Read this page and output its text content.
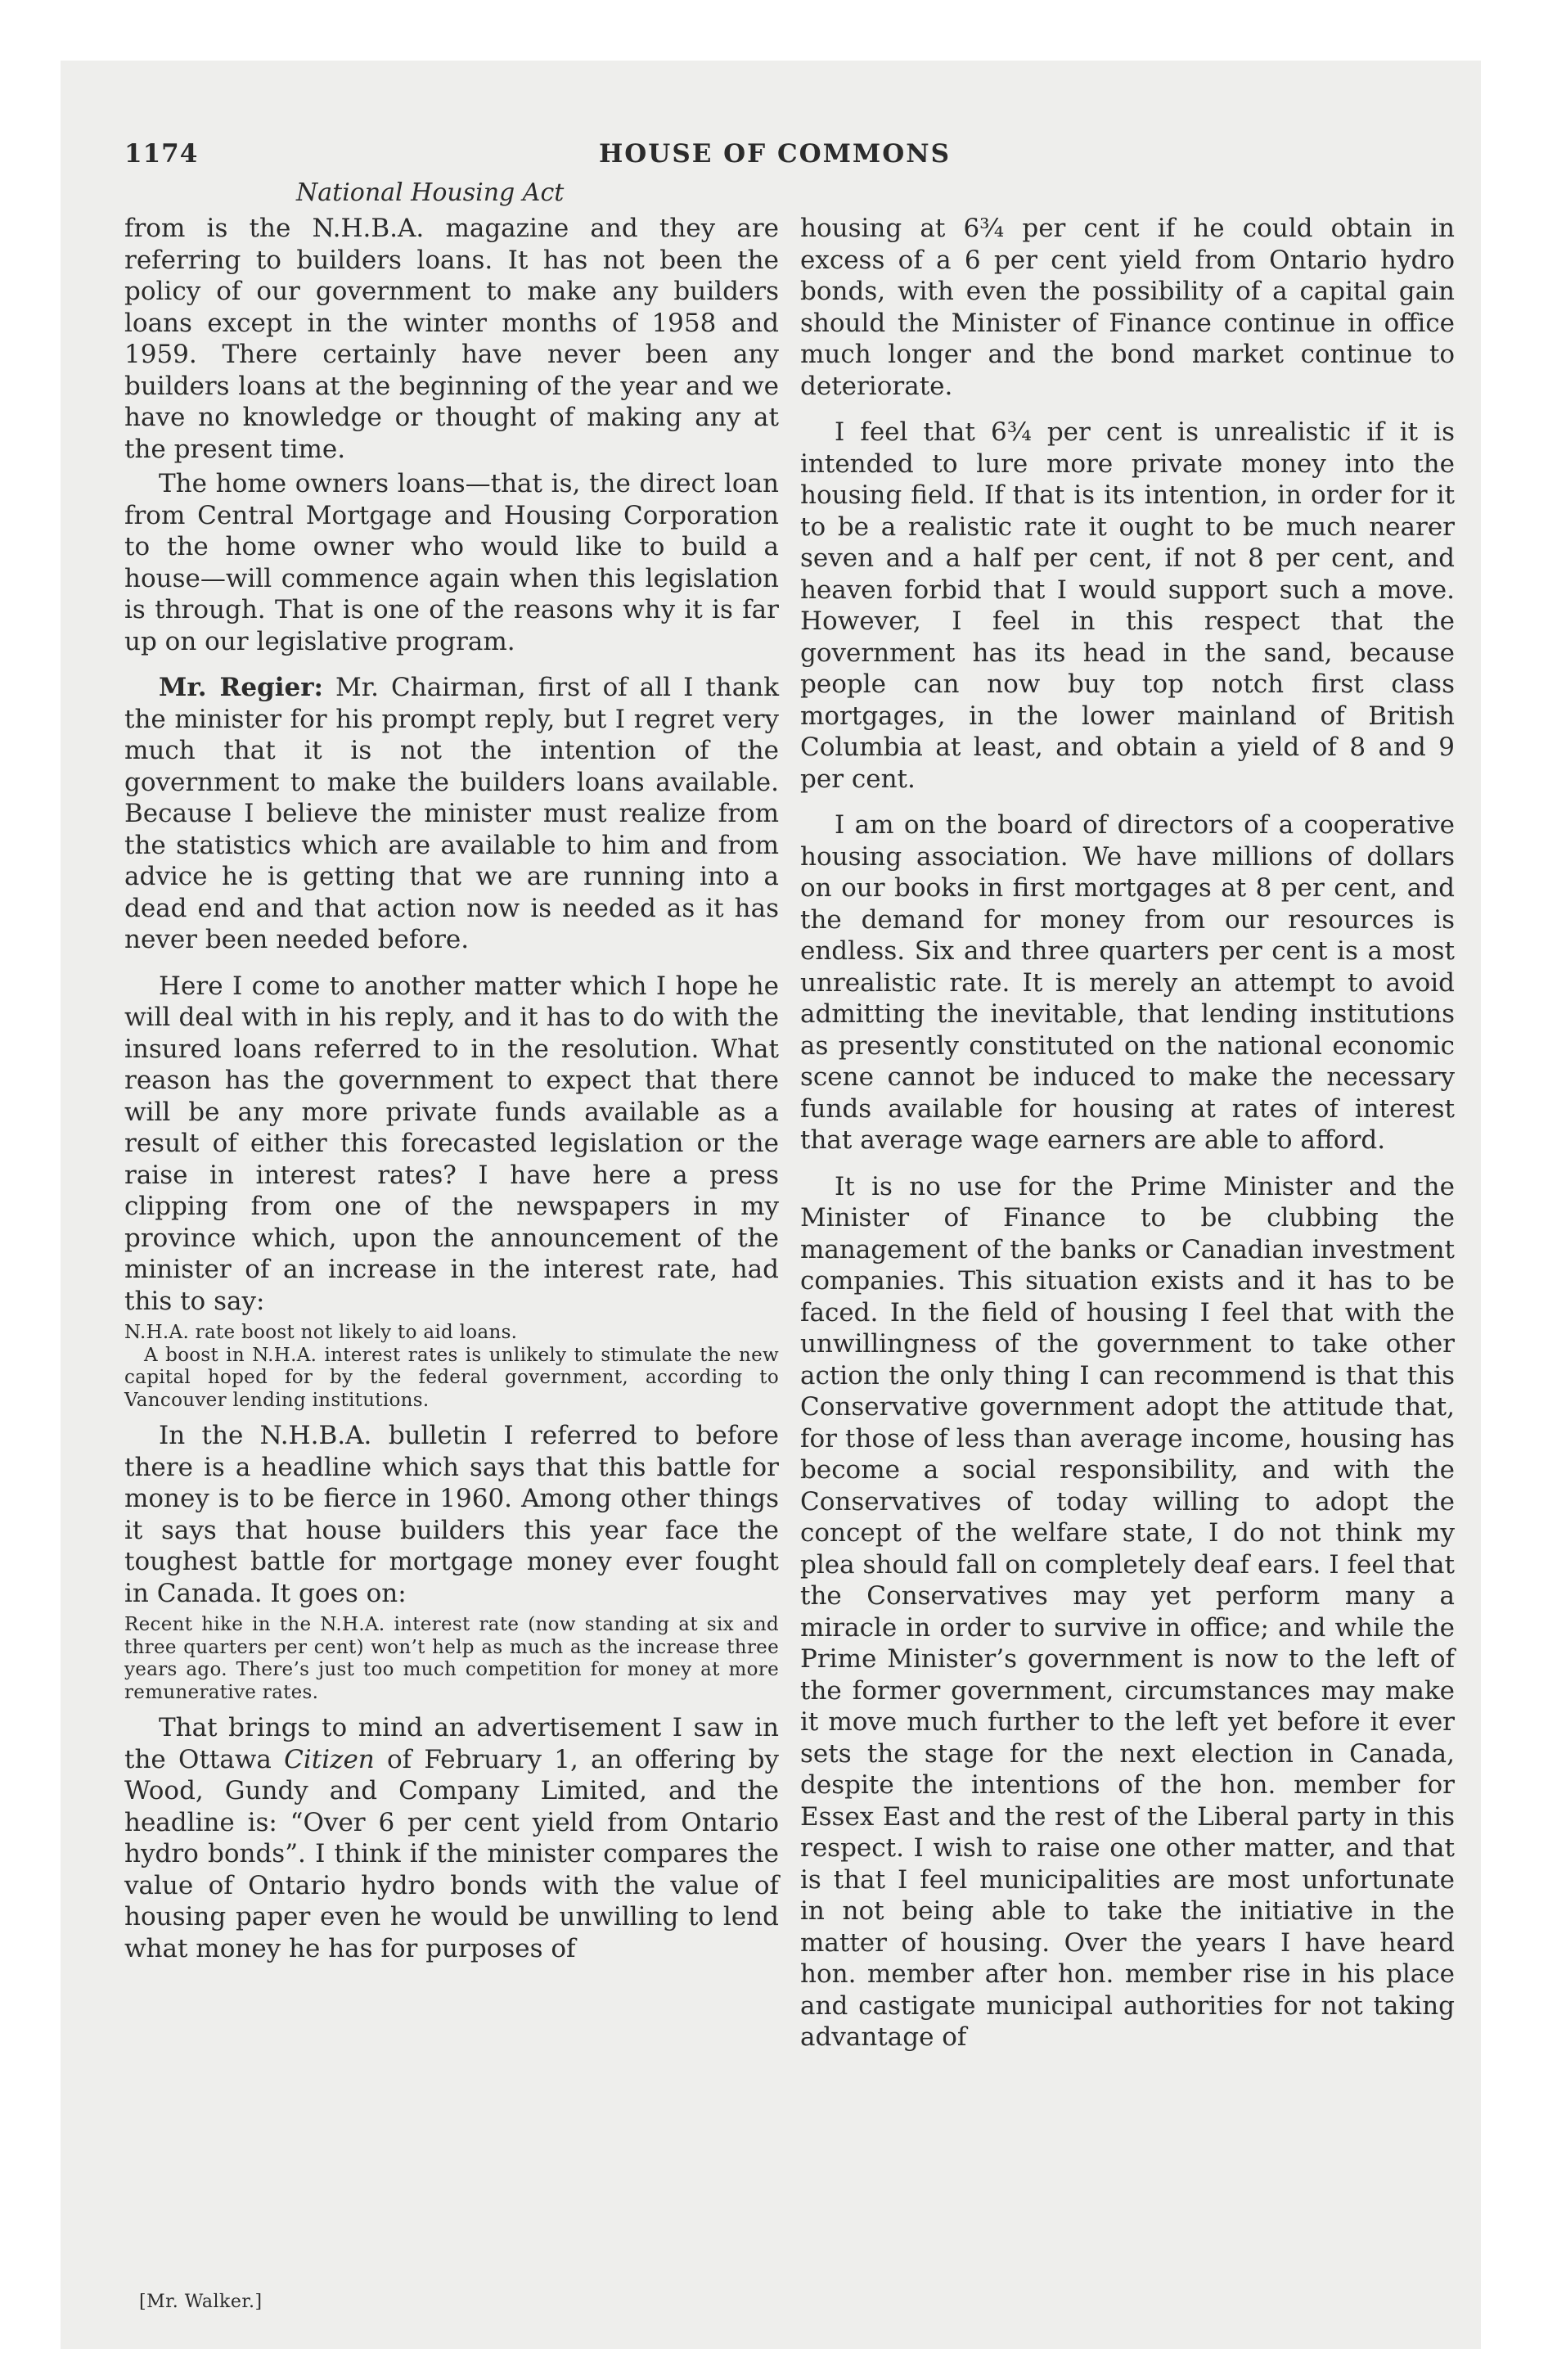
1174	HOUSE OF COMMONS
National Housing Act

from is the N.H.B.A. magazine and they are referring to builders loans. It has not been the policy of our government to make any builders loans except in the winter months of 1958 and 1959. There certainly have never been any builders loans at the beginning of the year and we have no knowledge or thought of making any at the present time.

The home owners loans—that is, the direct loan from Central Mortgage and Housing Corporation to the home owner who would like to build a house—will commence again when this legislation is through. That is one of the reasons why it is far up on our legislative program.

Mr. Regier: Mr. Chairman, first of all I thank the minister for his prompt reply, but I regret very much that it is not the intention of the government to make the builders loans available. Because I believe the minister must realize from the statistics which are available to him and from advice he is getting that we are running into a dead end and that action now is needed as it has never been needed before.

Here I come to another matter which I hope he will deal with in his reply, and it has to do with the insured loans referred to in the resolution. What reason has the government to expect that there will be any more private funds available as a result of either this forecasted legislation or the raise in interest rates? I have here a press clipping from one of the newspapers in my province which, upon the announcement of the minister of an increase in the interest rate, had this to say:

N.H.A. rate boost not likely to aid loans.
A boost in N.H.A. interest rates is unlikely to stimulate the new capital hoped for by the federal government, according to Vancouver lending institutions.

In the N.H.B.A. bulletin I referred to before there is a headline which says that this battle for money is to be fierce in 1960. Among other things it says that house builders this year face the toughest battle for mortgage money ever fought in Canada. It goes on:

Recent hike in the N.H.A. interest rate (now standing at six and three quarters per cent) won’t help as much as the increase three years ago. There’s just too much competition for money at more remunerative rates.

That brings to mind an advertisement I saw in the Ottawa Citizen of February 1, an offering by Wood, Gundy and Company Limited, and the headline is: “Over 6 per cent yield from Ontario hydro bonds”. I think if the minister compares the value of Ontario hydro bonds with the value of housing paper even he would be unwilling to lend what money he has for purposes of

housing at 6¾ per cent if he could obtain in excess of a 6 per cent yield from Ontario hydro bonds, with even the possibility of a capital gain should the Minister of Finance continue in office much longer and the bond market continue to deteriorate.

I feel that 6¾ per cent is unrealistic if it is intended to lure more private money into the housing field. If that is its intention, in order for it to be a realistic rate it ought to be much nearer seven and a half per cent, if not 8 per cent, and heaven forbid that I would support such a move. However, I feel in this respect that the government has its head in the sand, because people can now buy top notch first class mortgages, in the lower mainland of British Columbia at least, and obtain a yield of 8 and 9 per cent.

I am on the board of directors of a cooperative housing association. We have millions of dollars on our books in first mortgages at 8 per cent, and the demand for money from our resources is endless. Six and three quarters per cent is a most unrealistic rate. It is merely an attempt to avoid admitting the inevitable, that lending institutions as presently constituted on the national economic scene cannot be induced to make the necessary funds available for housing at rates of interest that average wage earners are able to afford.

It is no use for the Prime Minister and the Minister of Finance to be clubbing the management of the banks or Canadian investment companies. This situation exists and it has to be faced. In the field of housing I feel that with the unwillingness of the government to take other action the only thing I can recommend is that this Conservative government adopt the attitude that, for those of less than average income, housing has become a social responsibility, and with the Conservatives of today willing to adopt the concept of the welfare state, I do not think my plea should fall on completely deaf ears. I feel that the Conservatives may yet perform many a miracle in order to survive in office; and while the Prime Minister’s government is now to the left of the former government, circumstances may make it move much further to the left yet before it ever sets the stage for the next election in Canada, despite the intentions of the hon. member for Essex East and the rest of the Liberal party in this respect. I wish to raise one other matter, and that is that I feel municipalities are most unfortunate in not being able to take the initiative in the matter of housing. Over the years I have heard hon. member after hon. member rise in his place and castigate municipal authorities for not taking advantage of

[Mr. Walker.]
